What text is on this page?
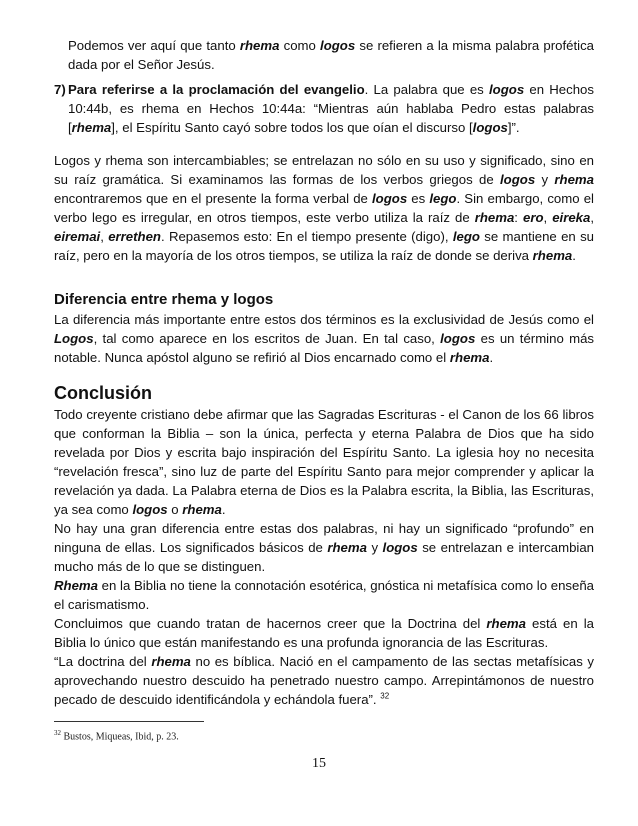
Podemos ver aquí que tanto rhema como logos se refieren a la misma palabra profética dada por el Señor Jesús.

7) Para referirse a la proclamación del evangelio. La palabra que es logos en Hechos 10:44b, es rhema en Hechos 10:44a: “Mientras aún hablaba Pedro estas palabras [rhema], el Espíritu Santo cayó sobre todos los que oían el discurso [logos]”.

Logos y rhema son intercambiables; se entrelazan no sólo en su uso y significado, sino en su raíz gramática. Si examinamos las formas de los verbos griegos de logos y rhema encontraremos que en el presente la forma verbal de logos es lego. Sin embargo, como el verbo lego es irregular, en otros tiempos, este verbo utiliza la raíz de rhema: ero, eireka, eiremai, errethen. Repasemos esto: En el tiempo presente (digo), lego se mantiene en su raíz, pero en la mayoría de los otros tiempos, se utiliza la raíz de donde se deriva rhema.

Diferencia entre rhema y logos

La diferencia más importante entre estos dos términos es la exclusividad de Jesús como el Logos, tal como aparece en los escritos de Juan. En tal caso, logos es un término más notable. Nunca apóstol alguno se refirió al Dios encarnado como el rhema.

Conclusión

Todo creyente cristiano debe afirmar que las Sagradas Escrituras - el Canon de los 66 libros que conforman la Biblia – son la única, perfecta y eterna Palabra de Dios que ha sido revelada por Dios y escrita bajo inspiración del Espíritu Santo. La iglesia hoy no necesita “revelación fresca”, sino luz de parte del Espíritu Santo para mejor comprender y aplicar la revelación ya dada. La Palabra eterna de Dios es la Palabra escrita, la Biblia, las Escrituras, ya sea como logos o rhema.

No hay una gran diferencia entre estas dos palabras, ni hay un significado “profundo” en ninguna de ellas. Los significados básicos de rhema y logos se entrelazan e intercambian mucho más de lo que se distinguen.

Rhema en la Biblia no tiene la connotación esotérica, gnóstica ni metafísica como lo enseña el carismatismo.

Concluimos que cuando tratan de hacernos creer que la Doctrina del rhema está en la Biblia lo único que están manifestando es una profunda ignorancia de las Escrituras.

“La doctrina del rhema no es bíblica. Nació en el campamento de las sectas metafísicas y aprovechando nuestro descuido ha penetrado nuestro campo. Arrepintámonos de nuestro pecado de descuido identificándola y echándola fuera”. $^{32}$

$^{32}$ Bustos, Miqueas, Ibid, p. 23.
15
